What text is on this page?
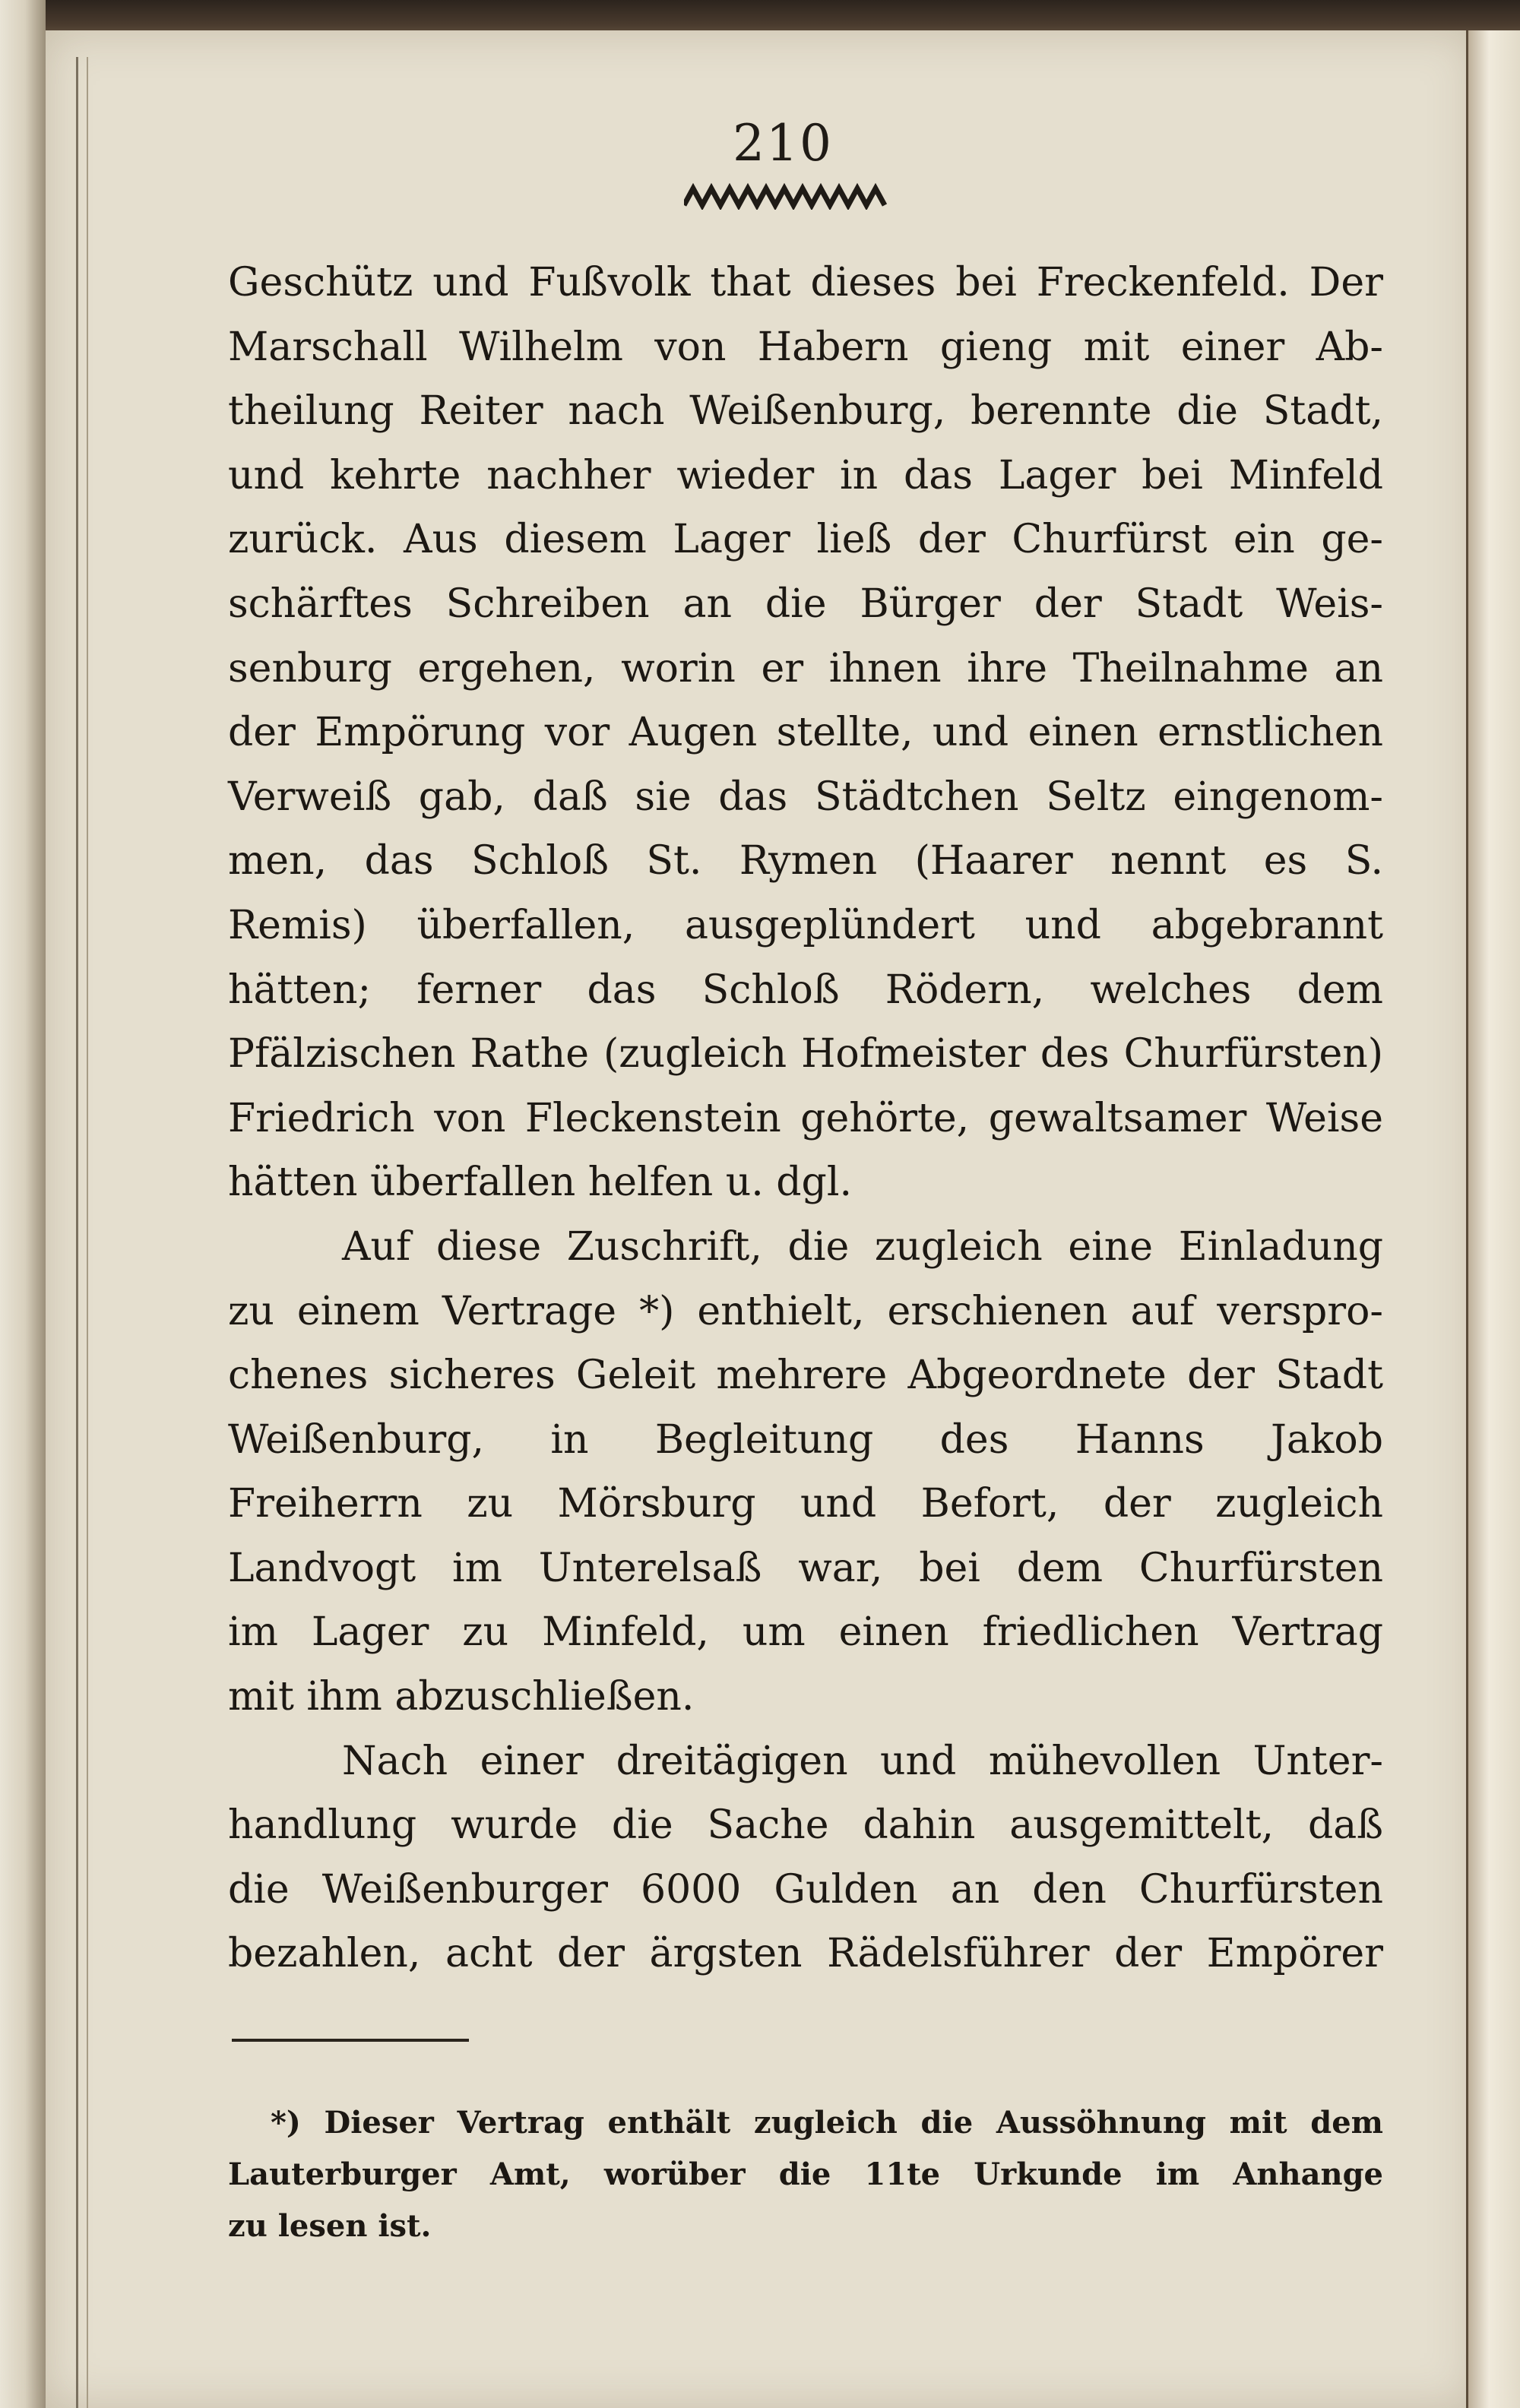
210
Geschütz und Fußvolk that dieses bei Freckenfeld. Der
Marschall Wilhelm von Habern gieng mit einer Ab-
theilung Reiter nach Weißenburg, berennte die Stadt,
und kehrte nachher wieder in das Lager bei Minfeld
zurück. Aus diesem Lager ließ der Churfürst ein ge-
schärftes Schreiben an die Bürger der Stadt Weis-
senburg ergehen, worin er ihnen ihre Theilnahme an
der Empörung vor Augen stellte, und einen ernstlichen
Verweiß gab, daß sie das Städtchen Seltz eingenom-
men, das Schloß St. Rymen (Haarer nennt es S.
Remis) überfallen, ausgeplündert und abgebrannt
hätten; ferner das Schloß Rödern, welches dem
Pfälzischen Rathe (zugleich Hofmeister des Churfürsten)
Friedrich von Fleckenstein gehörte, gewaltsamer Weise
hätten überfallen helfen u. dgl.
Auf diese Zuschrift, die zugleich eine Einladung
zu einem Vertrage *) enthielt, erschienen auf verspro-
chenes sicheres Geleit mehrere Abgeordnete der Stadt
Weißenburg, in Begleitung des Hanns Jakob
Freiherrn zu Mörsburg und Befort, der zugleich
Landvogt im Unterelsaß war, bei dem Churfürsten
im Lager zu Minfeld, um einen friedlichen Vertrag
mit ihm abzuschließen.
Nach einer dreitägigen und mühevollen Unter-
handlung wurde die Sache dahin ausgemittelt, daß
die Weißenburger 6000 Gulden an den Churfürsten
bezahlen, acht der ärgsten Rädelsführer der Empörer
*) Dieser Vertrag enthält zugleich die Aussöhnung mit dem
Lauterburger Amt, worüber die 11te Urkunde im Anhange
zu lesen ist.
